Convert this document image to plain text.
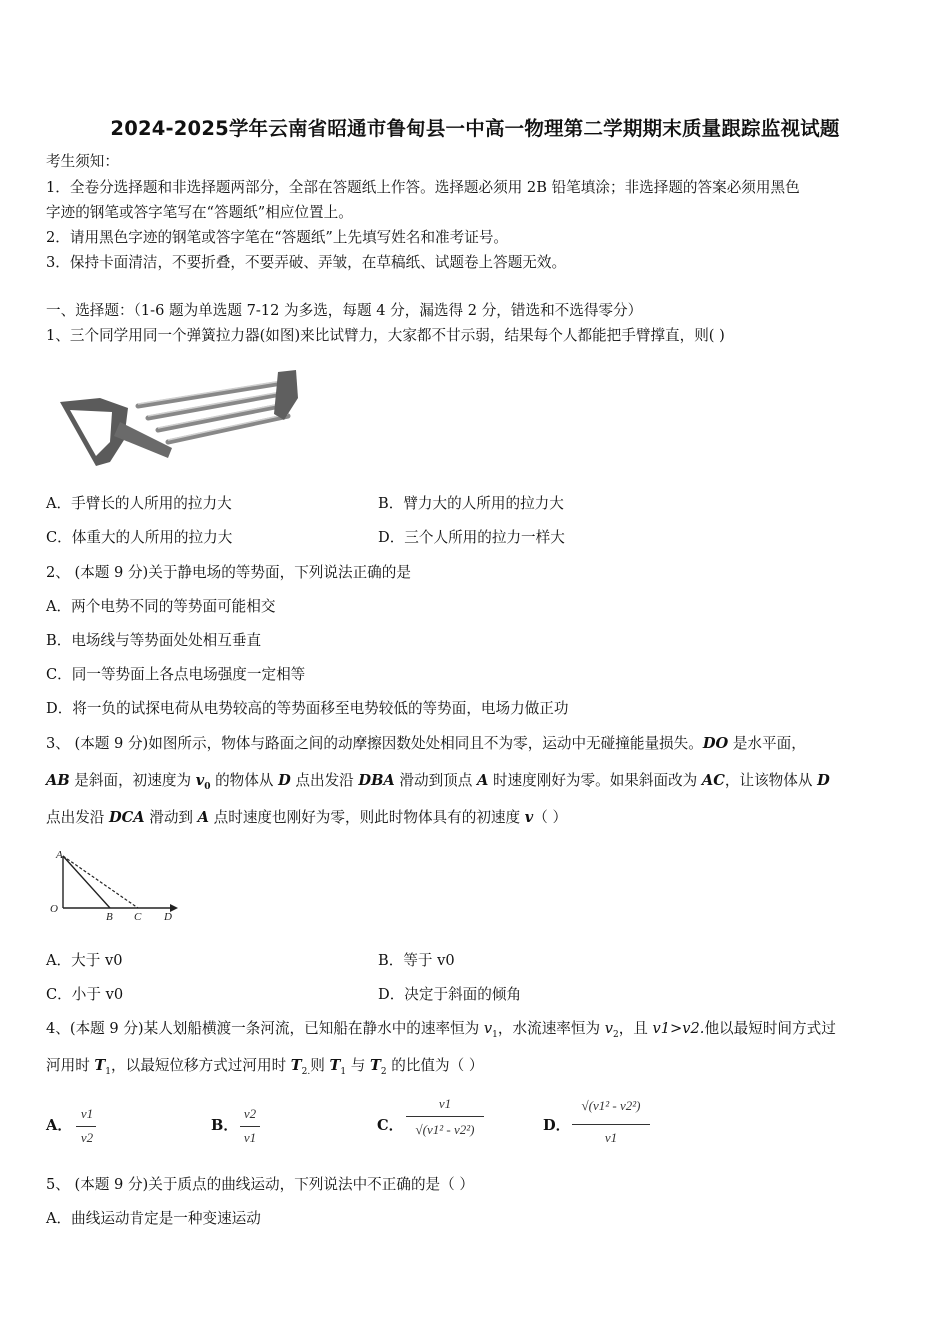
2024-2025学年云南省昭通市鲁甸县一中高一物理第二学期期末质量跟踪监视试题
考生须知：
1．全卷分选择题和非选择题两部分，全部在答题纸上作答。选择题必须用 2B 铅笔填涂；非选择题的答案必须用黑色
字迹的钢笔或答字笔写在“答题纸”相应位置上。
2．请用黑色字迹的钢笔或答字笔在“答题纸”上先填写姓名和准考证号。
3．保持卡面清洁，不要折叠，不要弄破、弄皱，在草稿纸、试题卷上答题无效。
一、选择题：（1-6 题为单选题 7-12 为多选，每题 4 分，漏选得 2 分，错选和不选得零分）
1、三个同学用同一个弹簧拉力器(如图)来比试臂力，大家都不甘示弱，结果每个人都能把手臂撑直，则( )
A．手臂长的人所用的拉力大	B．臂力大的人所用的拉力大
C．体重大的人所用的拉力大	D．三个人所用的拉力一样大
2、 (本题 9 分)关于静电场的等势面，下列说法正确的是
A．两个电势不同的等势面可能相交
B．电场线与等势面处处相互垂直
C．同一等势面上各点电场强度一定相等
D．将一负的试探电荷从电势较高的等势面移至电势较低的等势面，电场力做正功
3、 (本题 9 分)如图所示，物体与路面之间的动摩擦因数处处相同且不为零，运动中无碰撞能量损失。DO 是水平面，
AB 是斜面，初速度为 $v_0$ 的物体从 D 点出发沿 DBA 滑动到顶点 A 时速度刚好为零。如果斜面改为 AC，让该物体从 D
点出发沿 DCA 滑动到 A 点时速度也刚好为零，则此时物体具有的初速度 v（ ）
A
O
B C D
A．大于 v0	B．等于 v0
C．小于 v0	D．决定于斜面的倾角
4、(本题 9 分)某人划船横渡一条河流，已知船在静水中的速率恒为 $v_1$，水流速率恒为 $v_2$，且 v1>v2.他以最短时间方式过
河用时 $T_1$，以最短位移方式过河用时 $T_{2.}$则 $T_1$ 与 $T_2$ 的比值为（ ）
A．
v1
v2
B．
v2
v1
C．
v1
√(v1² - v2²)	D．
√(v1² - v2²)
v1
5、 (本题 9 分)关于质点的曲线运动，下列说法中不正确的是（ ）
A．曲线运动肯定是一种变速运动
